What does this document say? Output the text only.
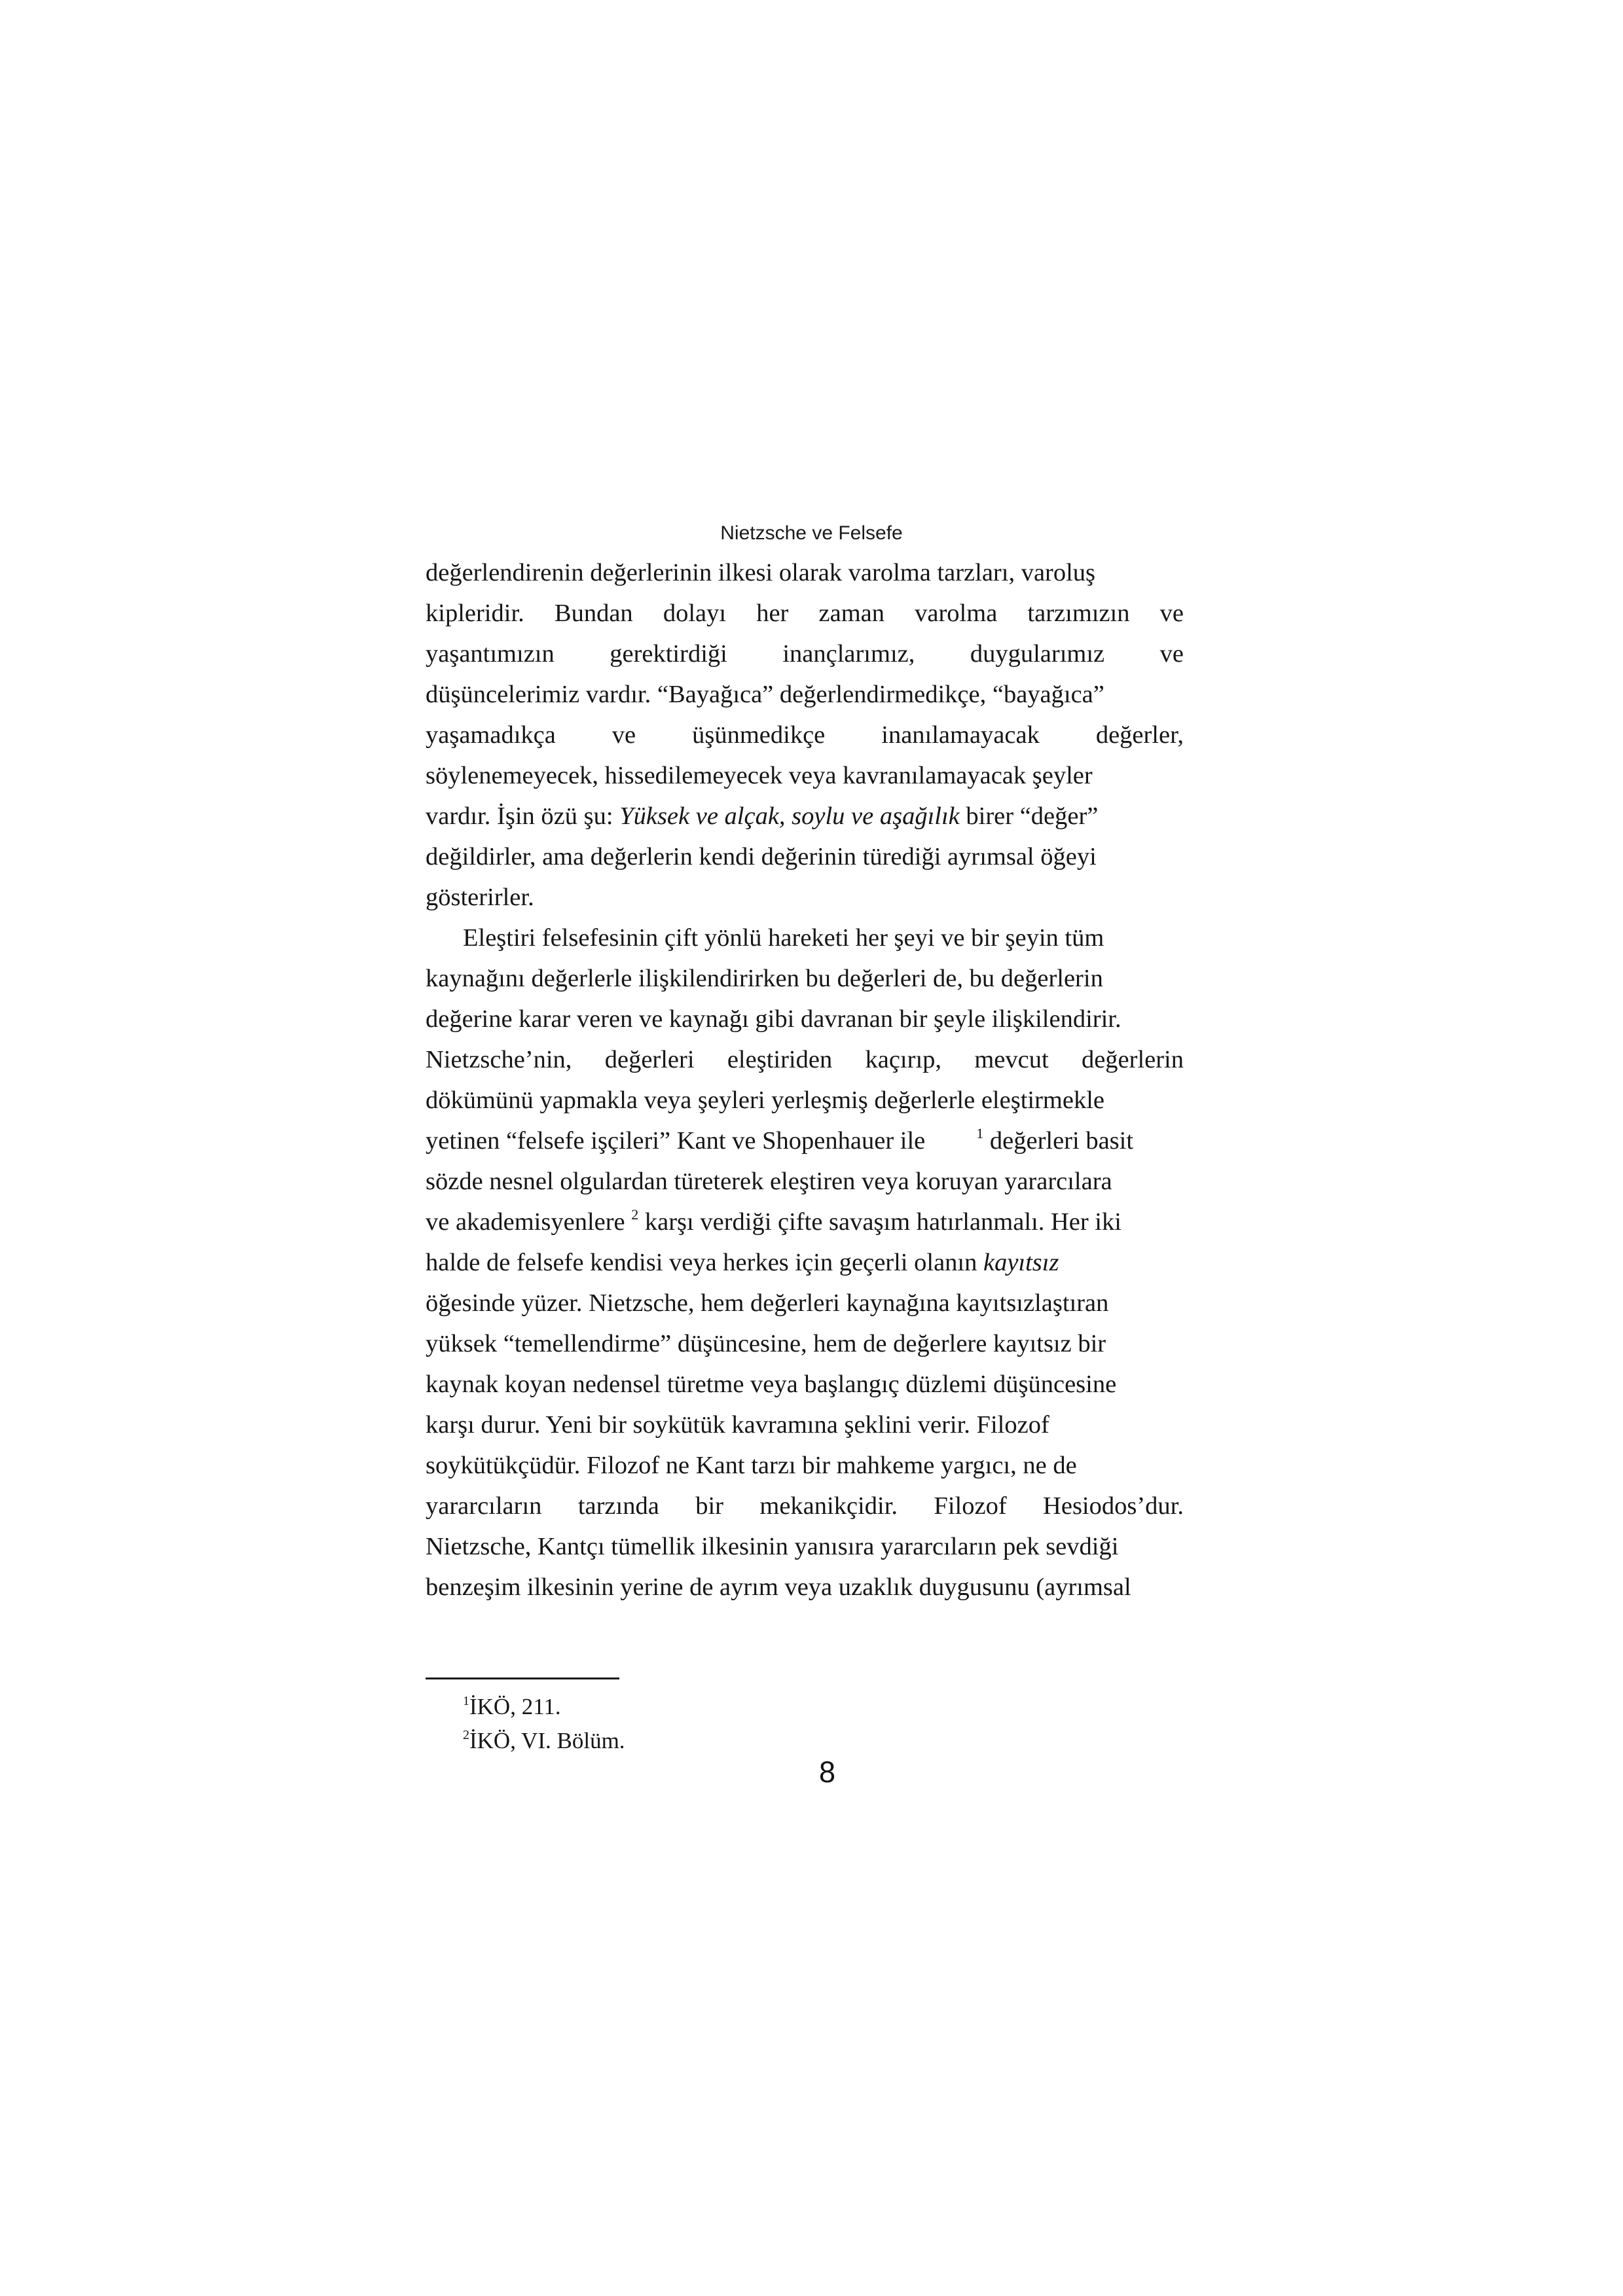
Nietzsche ve Felsefe
değerlendirenin değerlerinin ilkesi olarak varolma tarzları, varoluş
kipleridir. Bundan dolayı her zaman varolma tarzımızın ve
yaşantımızın gerektirdiği inançlarımız, duygularımız ve
düşüncelerimiz vardır. “Bayağıca” değerlendirmedikçe, “bayağıca”
yaşamadıkça ve üşünmedikçe inanılamayacak değerler,
söylenemeyecek, hissedilemeyecek veya kavranılamayacak şeyler
vardır. İşin özü şu: Yüksek ve alçak, soylu ve aşağılık birer “değer”
değildirler, ama değerlerin kendi değerinin türediği ayrımsal öğeyi
gösterirler.
Eleştiri felsefesinin çift yönlü hareketi her şeyi ve bir şeyin tüm
kaynağını değerlerle ilişkilendirirken bu değerleri de, bu değerlerin
değerine karar veren ve kaynağı gibi davranan bir şeyle ilişkilendirir.
Nietzsche’nin, değerleri eleştiriden kaçırıp, mevcut değerlerin
dökümünü yapmakla veya şeyleri yerleşmiş değerlerle eleştirmekle
yetinen “felsefe işçileri” Kant ve Shopenhauer ile	$^1$ değerleri basit
sözde nesnel olgulardan türeterek eleştiren veya koruyan yararcılara
ve akademisyenlere $^2$ karşı verdiği çifte savaşım hatırlanmalı. Her iki
halde de felsefe kendisi veya herkes için geçerli olanın kayıtsız
öğesinde yüzer. Nietzsche, hem değerleri kaynağına kayıtsızlaştıran
yüksek “temellendirme” düşüncesine, hem de değerlere kayıtsız bir
kaynak koyan nedensel türetme veya başlangıç düzlemi düşüncesine
karşı durur. Yeni bir soykütük kavramına şeklini verir. Filozof
soykütükçüdür. Filozof ne Kant tarzı bir mahkeme yargıcı, ne de
yararcıların tarzında bir mekanikçidir. Filozof Hesiodos’dur.
Nietzsche, Kantçı tümellik ilkesinin yanısıra yararcıların pek sevdiği
benzeşim ilkesinin yerine de ayrım veya uzaklık duygusunu (ayrımsal
$^1$İKÖ, 211.
$^2$İKÖ, VI. Bölüm.
8
